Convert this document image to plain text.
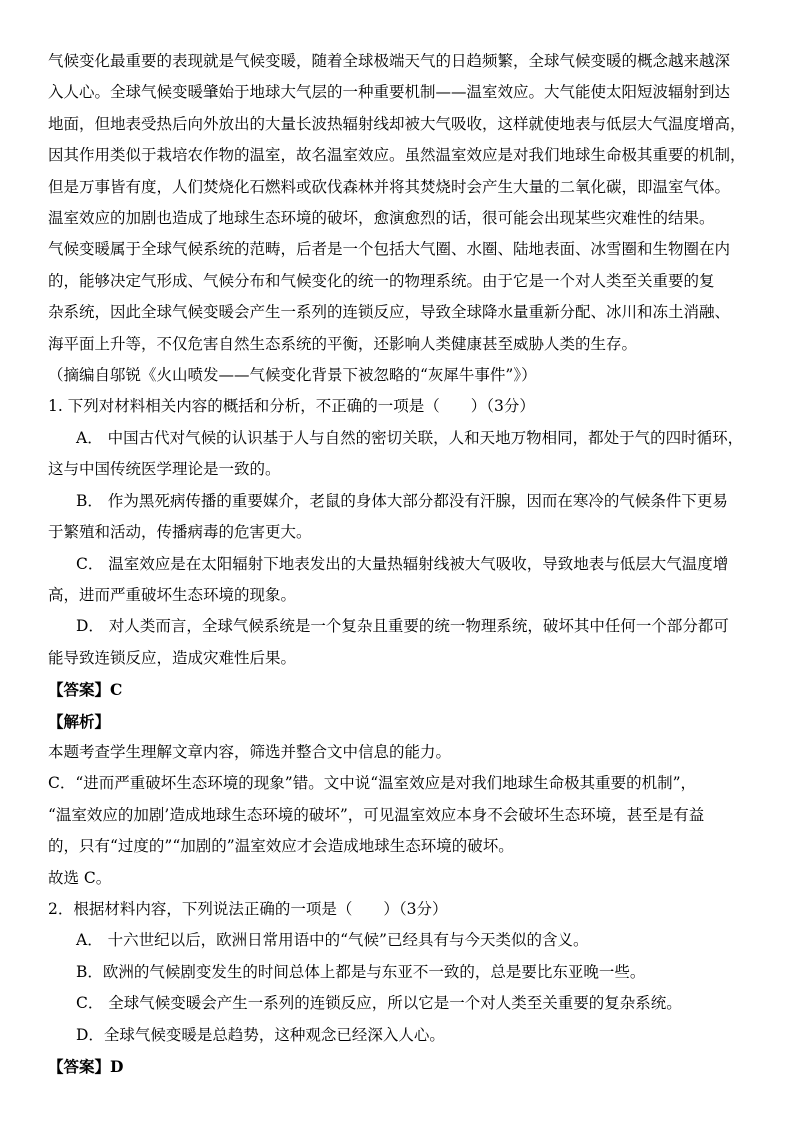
气候变化最重要的表现就是气候变暖，随着全球极端天气的日趋频繁，全球气候变暖的概念越来越深
入人心。全球气候变暖肇始于地球大气层的一种重要机制——温室效应。大气能使太阳短波辐射到达
地面，但地表受热后向外放出的大量长波热辐射线却被大气吸收，这样就使地表与低层大气温度增高，
因其作用类似于栽培农作物的温室，故名温室效应。虽然温室效应是对我们地球生命极其重要的机制，
但是万事皆有度，人们焚烧化石燃料或砍伐森林并将其焚烧时会产生大量的二氧化碳，即温室气体。
温室效应的加剧也造成了地球生态环境的破坏，愈演愈烈的话，很可能会出现某些灾难性的结果。
气候变暖属于全球气候系统的范畴，后者是一个包括大气圈、水圈、陆地表面、冰雪圈和生物圈在内
的，能够决定气形成、气候分布和气候变化的统一的物理系统。由于它是一个对人类至关重要的复
杂系统，因此全球气候变暖会产生一系列的连锁反应，导致全球降水量重新分配、冰川和冻土消融、
海平面上升等，不仅危害自然生态系统的平衡，还影响人类健康甚至威胁人类的生存。
（摘编自邬锐《火山喷发——气候变化背景下被忽略的“灰犀牛事件”》）
1. 下列对材料相关内容的概括和分析，不正确的一项是（　　）（3分）
A． 中国古代对气候的认识基于人与自然的密切关联，人和天地万物相同，都处于气的四时循环，
这与中国传统医学理论是一致的。
B． 作为黑死病传播的重要媒介，老鼠的身体大部分都没有汗腺，因而在寒冷的气候条件下更易
于繁殖和活动，传播病毒的危害更大。
C． 温室效应是在太阳辐射下地表发出的大量热辐射线被大气吸收，导致地表与低层大气温度增
高，进而严重破坏生态环境的现象。
D． 对人类而言，全球气候系统是一个复杂且重要的统一物理系统，破坏其中任何一个部分都可
能导致连锁反应，造成灾难性后果。
【答案】C
【解析】
本题考查学生理解文章内容，筛选并整合文中信息的能力。
C．“进而严重破坏生态环境的现象”错。文中说“温室效应是对我们地球生命极其重要的机制”，
“温室效应的加剧’造成地球生态环境的破坏”，可见温室效应本身不会破坏生态环境，甚至是有益
的，只有“过度的”“加剧的”温室效应才会造成地球生态环境的破坏。
故选 C。
2．根据材料内容，下列说法正确的一项是（　　）（3分）
A． 十六世纪以后，欧洲日常用语中的“气候”已经具有与今天类似的含义。
B．欧洲的气候剧变发生的时间总体上都是与东亚不一致的，总是要比东亚晚一些。
C． 全球气候变暖会产生一系列的连锁反应，所以它是一个对人类至关重要的复杂系统。
D．全球气候变暖是总趋势，这种观念已经深入人心。
【答案】D
